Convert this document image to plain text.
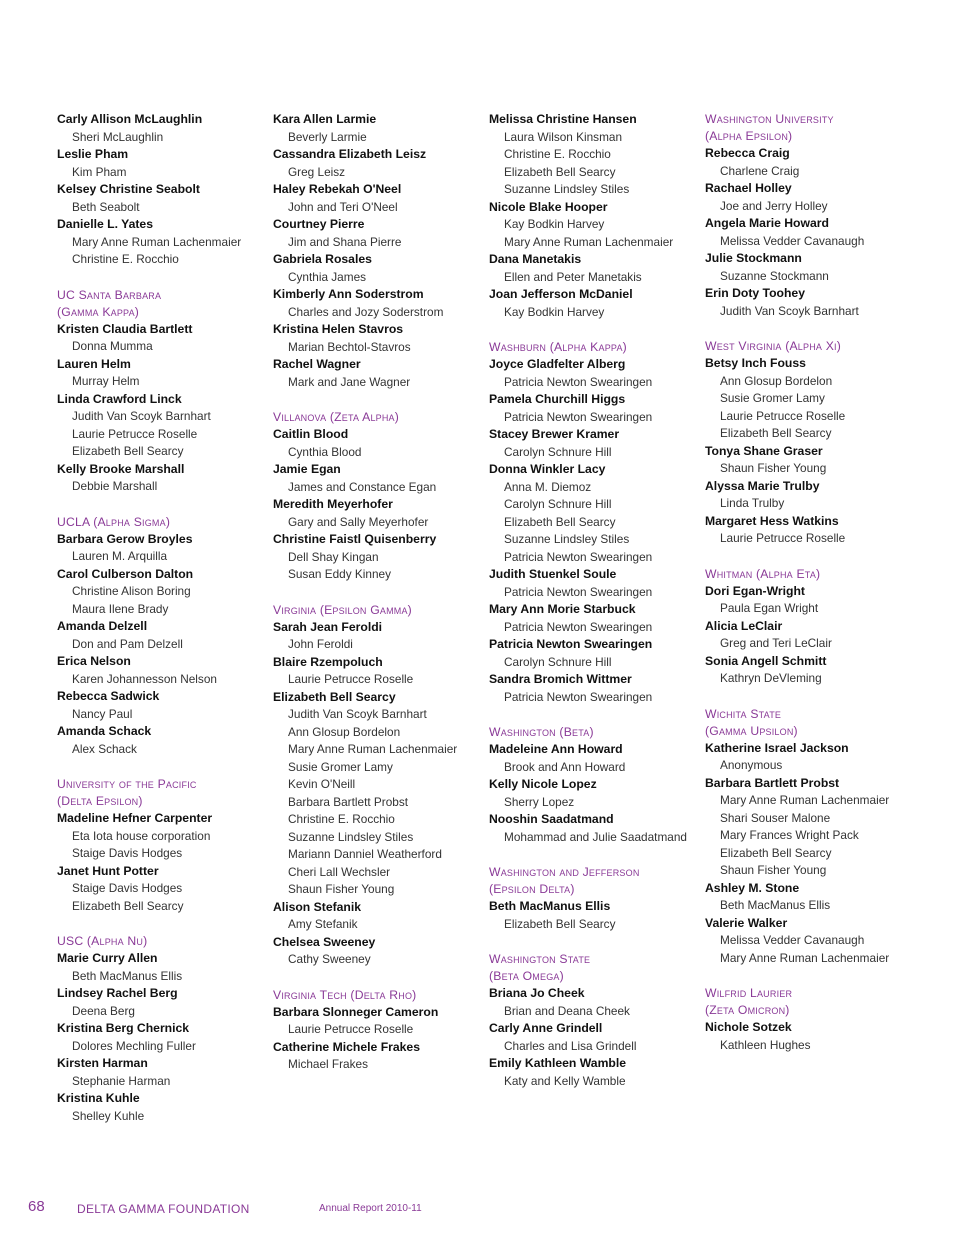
Carly Allison McLaughlin
Sheri McLaughlin
Leslie Pham
Kim Pham
Kelsey Christine Seabolt
Beth Seabolt
Danielle L. Yates
Mary Anne Ruman Lachenmaier
Christine E. Rocchio
UC Santa Barbara
(Gamma Kappa)
Kristen Claudia Bartlett
Donna Mumma
Lauren Helm
Murray Helm
Linda Crawford Linck
Judith Van Scoyk Barnhart
Laurie Petrucce Roselle
Elizabeth Bell Searcy
Kelly Brooke Marshall
Debbie Marshall
UCLA (Alpha Sigma)
Barbara Gerow Broyles
Lauren M. Arquilla
Carol Culberson Dalton
Christine Alison Boring
Maura Ilene Brady
Amanda Delzell
Don and Pam Delzell
Erica Nelson
Karen Johannesson Nelson
Rebecca Sadwick
Nancy Paul
Amanda Schack
Alex Schack
University of the Pacific
(Delta Epsilon)
Madeline Hefner Carpenter
Eta Iota house corporation
Staige Davis Hodges
Janet Hunt Potter
Staige Davis Hodges
Elizabeth Bell Searcy
USC (Alpha Nu)
Marie Curry Allen
Beth MacManus Ellis
Lindsey Rachel Berg
Deena Berg
Kristina Berg Chernick
Dolores Mechling Fuller
Kirsten Harman
Stephanie Harman
Kristina Kuhle
Shelley Kuhle
Kara Allen Larmie
Beverly Larmie
Cassandra Elizabeth Leisz
Greg Leisz
Haley Rebekah O'Neel
John and Teri O'Neel
Courtney Pierre
Jim and Shana Pierre
Gabriela Rosales
Cynthia James
Kimberly Ann Soderstrom
Charles and Jozy Soderstrom
Kristina Helen Stavros
Marian Bechtol-Stavros
Rachel Wagner
Mark and Jane Wagner
Villanova (Zeta Alpha)
Caitlin Blood
Cynthia Blood
Jamie Egan
James and Constance Egan
Meredith Meyerhofer
Gary and Sally Meyerhofer
Christine Faistl Quisenberry
Dell Shay Kingan
Susan Eddy Kinney
Virginia (Epsilon Gamma)
Sarah Jean Feroldi
John Feroldi
Blaire Rzempoluch
Laurie Petrucce Roselle
Elizabeth Bell Searcy
Judith Van Scoyk Barnhart
Ann Glosup Bordelon
Mary Anne Ruman Lachenmaier
Susie Gromer Lamy
Kevin O'Neill
Barbara Bartlett Probst
Christine E. Rocchio
Suzanne Lindsley Stiles
Mariann Danniel Weatherford
Cheri Lall Wechsler
Shaun Fisher Young
Alison Stefanik
Amy Stefanik
Chelsea Sweeney
Cathy Sweeney
Virginia Tech (Delta Rho)
Barbara Slonneger Cameron
Laurie Petrucce Roselle
Catherine Michele Frakes
Michael Frakes
Melissa Christine Hansen
Laura Wilson Kinsman
Christine E. Rocchio
Elizabeth Bell Searcy
Suzanne Lindsley Stiles
Nicole Blake Hooper
Kay Bodkin Harvey
Mary Anne Ruman Lachenmaier
Dana Manetakis
Ellen and Peter Manetakis
Joan Jefferson McDaniel
Kay Bodkin Harvey
Washburn (Alpha Kappa)
Joyce Gladfelter Alberg
Patricia Newton Swearingen
Pamela Churchill Higgs
Patricia Newton Swearingen
Stacey Brewer Kramer
Carolyn Schnure Hill
Donna Winkler Lacy
Anna M. Diemoz
Carolyn Schnure Hill
Elizabeth Bell Searcy
Suzanne Lindsley Stiles
Patricia Newton Swearingen
Judith Stuenkel Soule
Patricia Newton Swearingen
Mary Ann Morie Starbuck
Patricia Newton Swearingen
Patricia Newton Swearingen
Carolyn Schnure Hill
Sandra Bromich Wittmer
Patricia Newton Swearingen
Washington (Beta)
Madeleine Ann Howard
Brook and Ann Howard
Kelly Nicole Lopez
Sherry Lopez
Nooshin Saadatmand
Mohammad and Julie Saadatmand
Washington and Jefferson
(Epsilon Delta)
Beth MacManus Ellis
Elizabeth Bell Searcy
Washington State
(Beta Omega)
Briana Jo Cheek
Brian and Deana Cheek
Carly Anne Grindell
Charles and Lisa Grindell
Emily Kathleen Wamble
Katy and Kelly Wamble
Washington University
(Alpha Epsilon)
Rebecca Craig
Charlene Craig
Rachael Holley
Joe and Jerry Holley
Angela Marie Howard
Melissa Vedder Cavanaugh
Julie Stockmann
Suzanne Stockmann
Erin Doty Toohey
Judith Van Scoyk Barnhart
West Virginia (Alpha Xi)
Betsy Inch Fouss
Ann Glosup Bordelon
Susie Gromer Lamy
Laurie Petrucce Roselle
Elizabeth Bell Searcy
Tonya Shane Graser
Shaun Fisher Young
Alyssa Marie Trulby
Linda Trulby
Margaret Hess Watkins
Laurie Petrucce Roselle
Whitman (Alpha Eta)
Dori Egan-Wright
Paula Egan Wright
Alicia LeClair
Greg and Teri LeClair
Sonia Angell Schmitt
Kathryn DeVleming
Wichita State
(Gamma Upsilon)
Katherine Israel Jackson
Anonymous
Barbara Bartlett Probst
Mary Anne Ruman Lachenmaier
Shari Souser Malone
Mary Frances Wright Pack
Elizabeth Bell Searcy
Shaun Fisher Young
Ashley M. Stone
Beth MacManus Ellis
Valerie Walker
Melissa Vedder Cavanaugh
Mary Anne Ruman Lachenmaier
Wilfrid Laurier
(Zeta Omicron)
Nichole Sotzek
Kathleen Hughes
68	DELTA GAMMA FOUNDATION	Annual Report 2010-11
